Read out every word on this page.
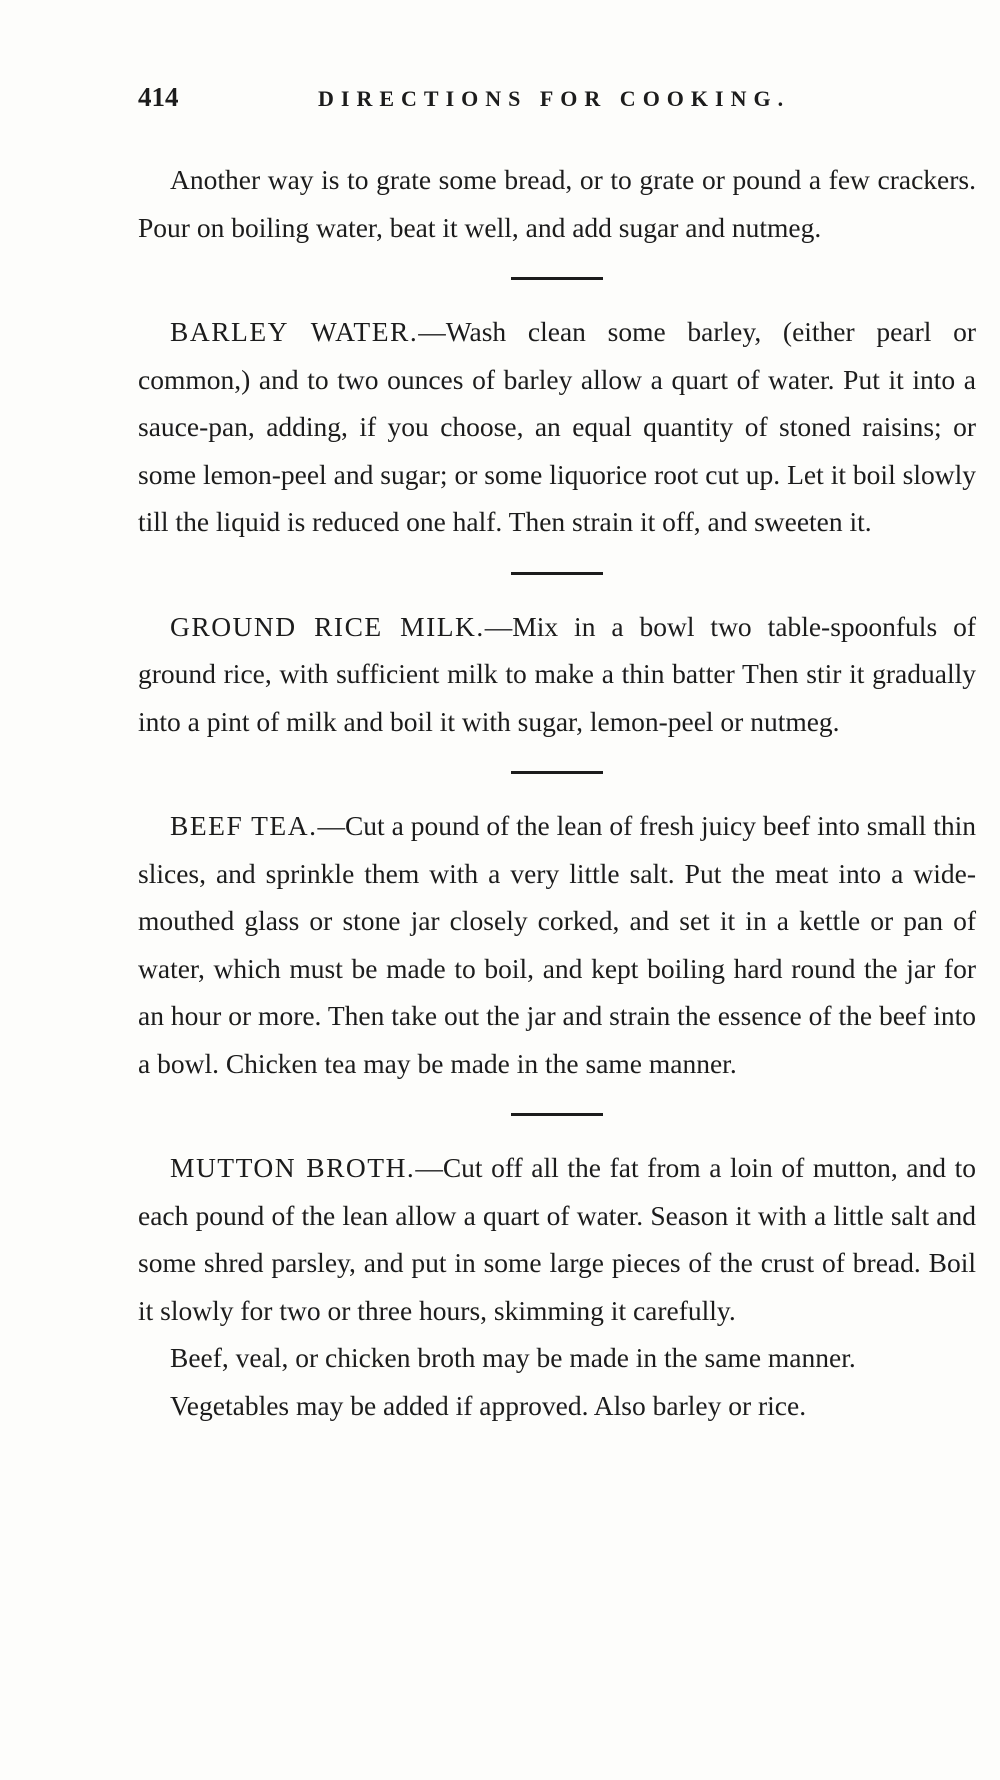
414	DIRECTIONS FOR COOKING.

Another way is to grate some bread, or to grate or pound a few crackers. Pour on boiling water, beat it well, and add sugar and nutmeg.

BARLEY WATER.—Wash clean some barley, (either pearl or common,) and to two ounces of barley allow a quart of water. Put it into a sauce-pan, adding, if you choose, an equal quantity of stoned raisins; or some lemon-peel and sugar; or some liquorice root cut up. Let it boil slowly till the liquid is reduced one half. Then strain it off, and sweeten it.

GROUND RICE MILK.—Mix in a bowl two table-spoonfuls of ground rice, with sufficient milk to make a thin batter Then stir it gradually into a pint of milk and boil it with sugar, lemon-peel or nutmeg.

BEEF TEA.—Cut a pound of the lean of fresh juicy beef into small thin slices, and sprinkle them with a very little salt. Put the meat into a wide-mouthed glass or stone jar closely corked, and set it in a kettle or pan of water, which must be made to boil, and kept boiling hard round the jar for an hour or more. Then take out the jar and strain the essence of the beef into a bowl. Chicken tea may be made in the same manner.

MUTTON BROTH.—Cut off all the fat from a loin of mutton, and to each pound of the lean allow a quart of water. Season it with a little salt and some shred parsley, and put in some large pieces of the crust of bread. Boil it slowly for two or three hours, skimming it carefully.

Beef, veal, or chicken broth may be made in the same manner.

Vegetables may be added if approved. Also barley or rice.
